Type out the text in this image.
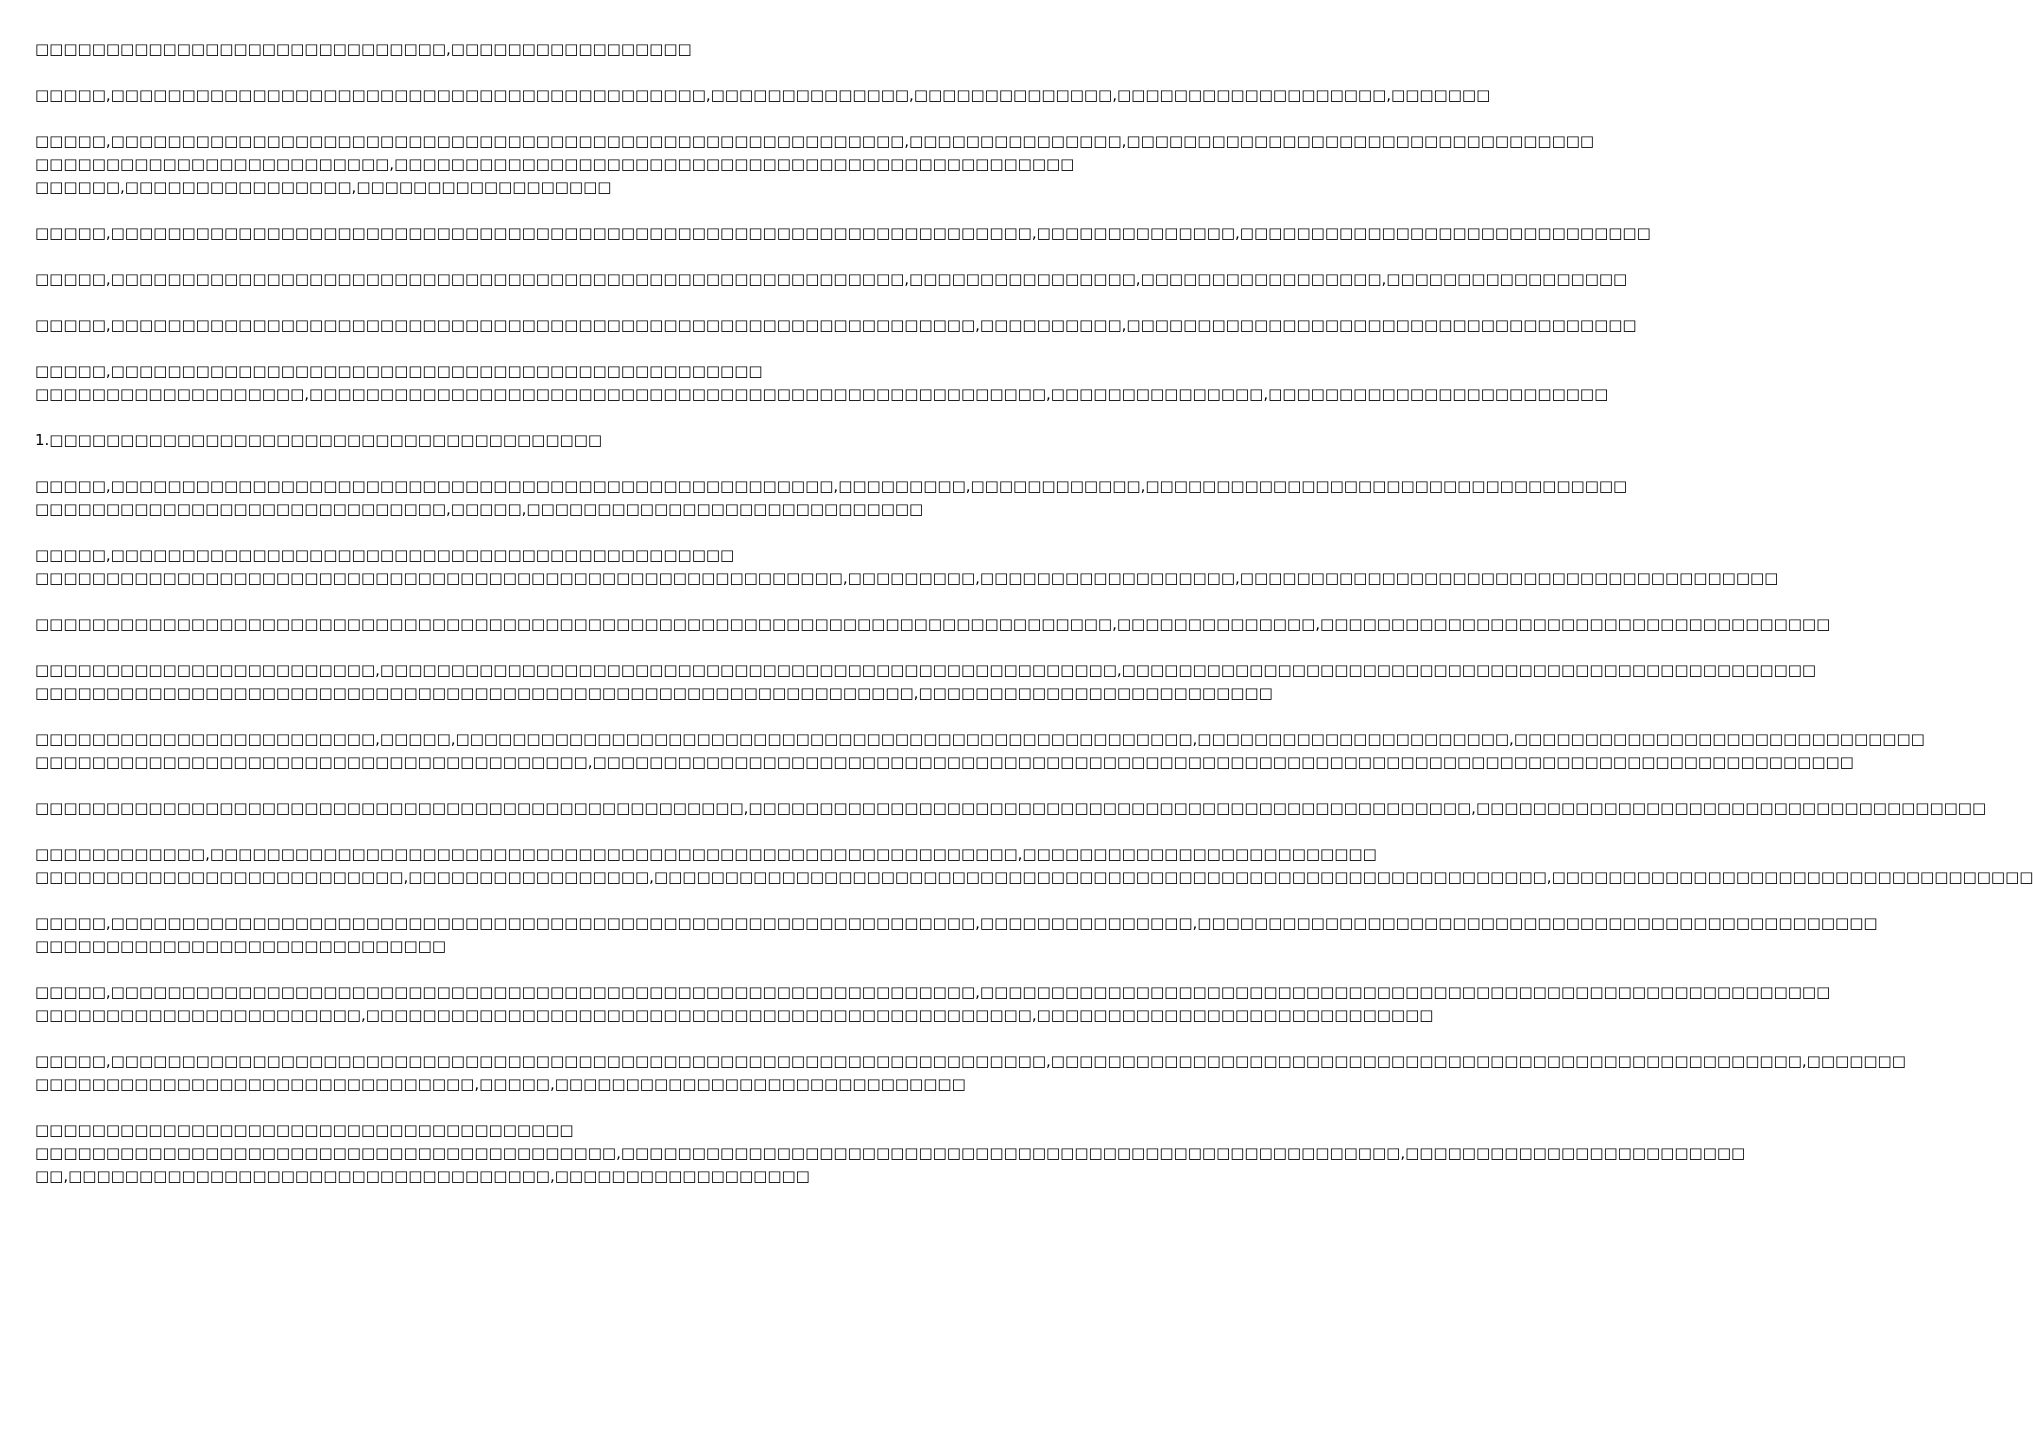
□□□□□□□□□□□□□□□□□□□□□□□□□□□□□,□□□□□□□□□□□□□□□□□
□□□□□,□□□□□□□□□□□□□□□□□□□□□□□□□□□□□□□□□□□□□□□□□□,□□□□□□□□□□□□□□,□□□□□□□□□□□□□□,□□□□□□□□□□□□□□□□□□□,□□□□□□□
□□□□□,□□□□□□□□□□□□□□□□□□□□□□□□□□□□□□□□□□□□□□□□□□□□□□□□□□□□□□□□,□□□□□□□□□□□□□□□,□□□□□□□□□□□□□□□□□□□□□□□□□□□□□□□□□
□□□□□□□□□□□□□□□□□□□□□□□□□,□□□□□□□□□□□□□□□□□□□□□□□□□□□□□□□□□□□□□□□□□□□□□□□□
□□□□□□,□□□□□□□□□□□□□□□□,□□□□□□□□□□□□□□□□□□
□□□□□,□□□□□□□□□□□□□□□□□□□□□□□□□□□□□□□□□□□□□□□□□□□□□□□□□□□□□□□□□□□□□□□□□,□□□□□□□□□□□□□□,□□□□□□□□□□□□□□□□□□□□□□□□□□□□□
□□□□□,□□□□□□□□□□□□□□□□□□□□□□□□□□□□□□□□□□□□□□□□□□□□□□□□□□□□□□□□,□□□□□□□□□□□□□□□□,□□□□□□□□□□□□□□□□□,□□□□□□□□□□□□□□□□□
□□□□□,□□□□□□□□□□□□□□□□□□□□□□□□□□□□□□□□□□□□□□□□□□□□□□□□□□□□□□□□□□□□□,□□□□□□□□□□,□□□□□□□□□□□□□□□□□□□□□□□□□□□□□□□□□□□□
□□□□□,□□□□□□□□□□□□□□□□□□□□□□□□□□□□□□□□□□□□□□□□□□□□□□
□□□□□□□□□□□□□□□□□□□,□□□□□□□□□□□□□□□□□□□□□□□□□□□□□□□□□□□□□□□□□□□□□□□□□□□□,□□□□□□□□□□□□□□□,□□□□□□□□□□□□□□□□□□□□□□□□
1.□□□□□□□□□□□□□□□□□□□□□□□□□□□□□□□□□□□□□□□
□□□□□,□□□□□□□□□□□□□□□□□□□□□□□□□□□□□□□□□□□□□□□□□□□□□□□□□□□,□□□□□□□□□,□□□□□□□□□□□□,□□□□□□□□□□□□□□□□□□□□□□□□□□□□□□□□□□
□□□□□□□□□□□□□□□□□□□□□□□□□□□□□,□□□□□,□□□□□□□□□□□□□□□□□□□□□□□□□□□□
□□□□□,□□□□□□□□□□□□□□□□□□□□□□□□□□□□□□□□□□□□□□□□□□□□
□□□□□□□□□□□□□□□□□□□□□□□□□□□□□□□□□□□□□□□□□□□□□□□□□□□□□□□□□,□□□□□□□□□,□□□□□□□□□□□□□□□□□□,□□□□□□□□□□□□□□□□□□□□□□□□□□□□□□□□□□□□□□
□□□□□□□□□□□□□□□□□□□□□□□□□□□□□□□□□□□□□□□□□□□□□□□□□□□□□□□□□□□□□□□□□□□□□□□□□□□□,□□□□□□□□□□□□□□,□□□□□□□□□□□□□□□□□□□□□□□□□□□□□□□□□□□□
□□□□□□□□□□□□□□□□□□□□□□□□,□□□□□□□□□□□□□□□□□□□□□□□□□□□□□□□□□□□□□□□□□□□□□□□□□□□□,□□□□□□□□□□□□□□□□□□□□□□□□□□□□□□□□□□□□□□□□□□□□□□□□□
□□□□□□□□□□□□□□□□□□□□□□□□□□□□□□□□□□□□□□□□□□□□□□□□□□□□□□□□□□□□□□,□□□□□□□□□□□□□□□□□□□□□□□□□
□□□□□□□□□□□□□□□□□□□□□□□□,□□□□□,□□□□□□□□□□□□□□□□□□□□□□□□□□□□□□□□□□□□□□□□□□□□□□□□□□□□,□□□□□□□□□□□□□□□□□□□□□□,□□□□□□□□□□□□□□□□□□□□□□□□□□□□□
□□□□□□□□□□□□□□□□□□□□□□□□□□□□□□□□□□□□□□□,□□□□□□□□□□□□□□□□□□□□□□□□□□□□□□□□□□□□□□□□□□□□□□□□□□□□□□□□□□□□□□□□□□□□□□□□□□□□□□□□□□□□□□□□□
□□□□□□□□□□□□□□□□□□□□□□□□□□□□□□□□□□□□□□□□□□□□□□□□□□,□□□□□□□□□□□□□□□□□□□□□□□□□□□□□□□□□□□□□□□□□□□□□□□□□□□,□□□□□□□□□□□□□□□□□□□□□□□□□□□□□□□□□□□□
□□□□□□□□□□□□,□□□□□□□□□□□□□□□□□□□□□□□□□□□□□□□□□□□□□□□□□□□□□□□□□□□□□□□□□,□□□□□□□□□□□□□□□□□□□□□□□□□
□□□□□□□□□□□□□□□□□□□□□□□□□□,□□□□□□□□□□□□□□□□□,□□□□□□□□□□□□□□□□□□□□□□□□□□□□□□□□□□□□□□□□□□□□□□□□□□□□□□□□□□□□□□□,□□□□□□□□□□□□□□□□□□□□□□□□□□□□□□□□□□
□□□□□,□□□□□□□□□□□□□□□□□□□□□□□□□□□□□□□□□□□□□□□□□□□□□□□□□□□□□□□□□□□□□,□□□□□□□□□□□□□□□,□□□□□□□□□□□□□□□□□□□□□□□□□□□□□□□□□□□□□□□□□□□□□□□□
□□□□□□□□□□□□□□□□□□□□□□□□□□□□□
□□□□□,□□□□□□□□□□□□□□□□□□□□□□□□□□□□□□□□□□□□□□□□□□□□□□□□□□□□□□□□□□□□□,□□□□□□□□□□□□□□□□□□□□□□□□□□□□□□□□□□□□□□□□□□□□□□□□□□□□□□□□□□□□
□□□□□□□□□□□□□□□□□□□□□□□,□□□□□□□□□□□□□□□□□□□□□□□□□□□□□□□□□□□□□□□□□□□□□□□,□□□□□□□□□□□□□□□□□□□□□□□□□□□□
□□□□□,□□□□□□□□□□□□□□□□□□□□□□□□□□□□□□□□□□□□□□□□□□□□□□□□□□□□□□□□□□□□□□□□□□,□□□□□□□□□□□□□□□□□□□□□□□□□□□□□□□□□□□□□□□□□□□□□□□□□□□□□,□□□□□□□
□□□□□□□□□□□□□□□□□□□□□□□□□□□□□□□,□□□□□,□□□□□□□□□□□□□□□□□□□□□□□□□□□□□
□□□□□□□□□□□□□□□□□□□□□□□□□□□□□□□□□□□□□□
□□□□□□□□□□□□□□□□□□□□□□□□□□□□□□□□□□□□□□□□□,□□□□□□□□□□□□□□□□□□□□□□□□□□□□□□□□□□□□□□□□□□□□□□□□□□□□□□□,□□□□□□□□□□□□□□□□□□□□□□□□
□□,□□□□□□□□□□□□□□□□□□□□□□□□□□□□□□□□□□,□□□□□□□□□□□□□□□□□□
